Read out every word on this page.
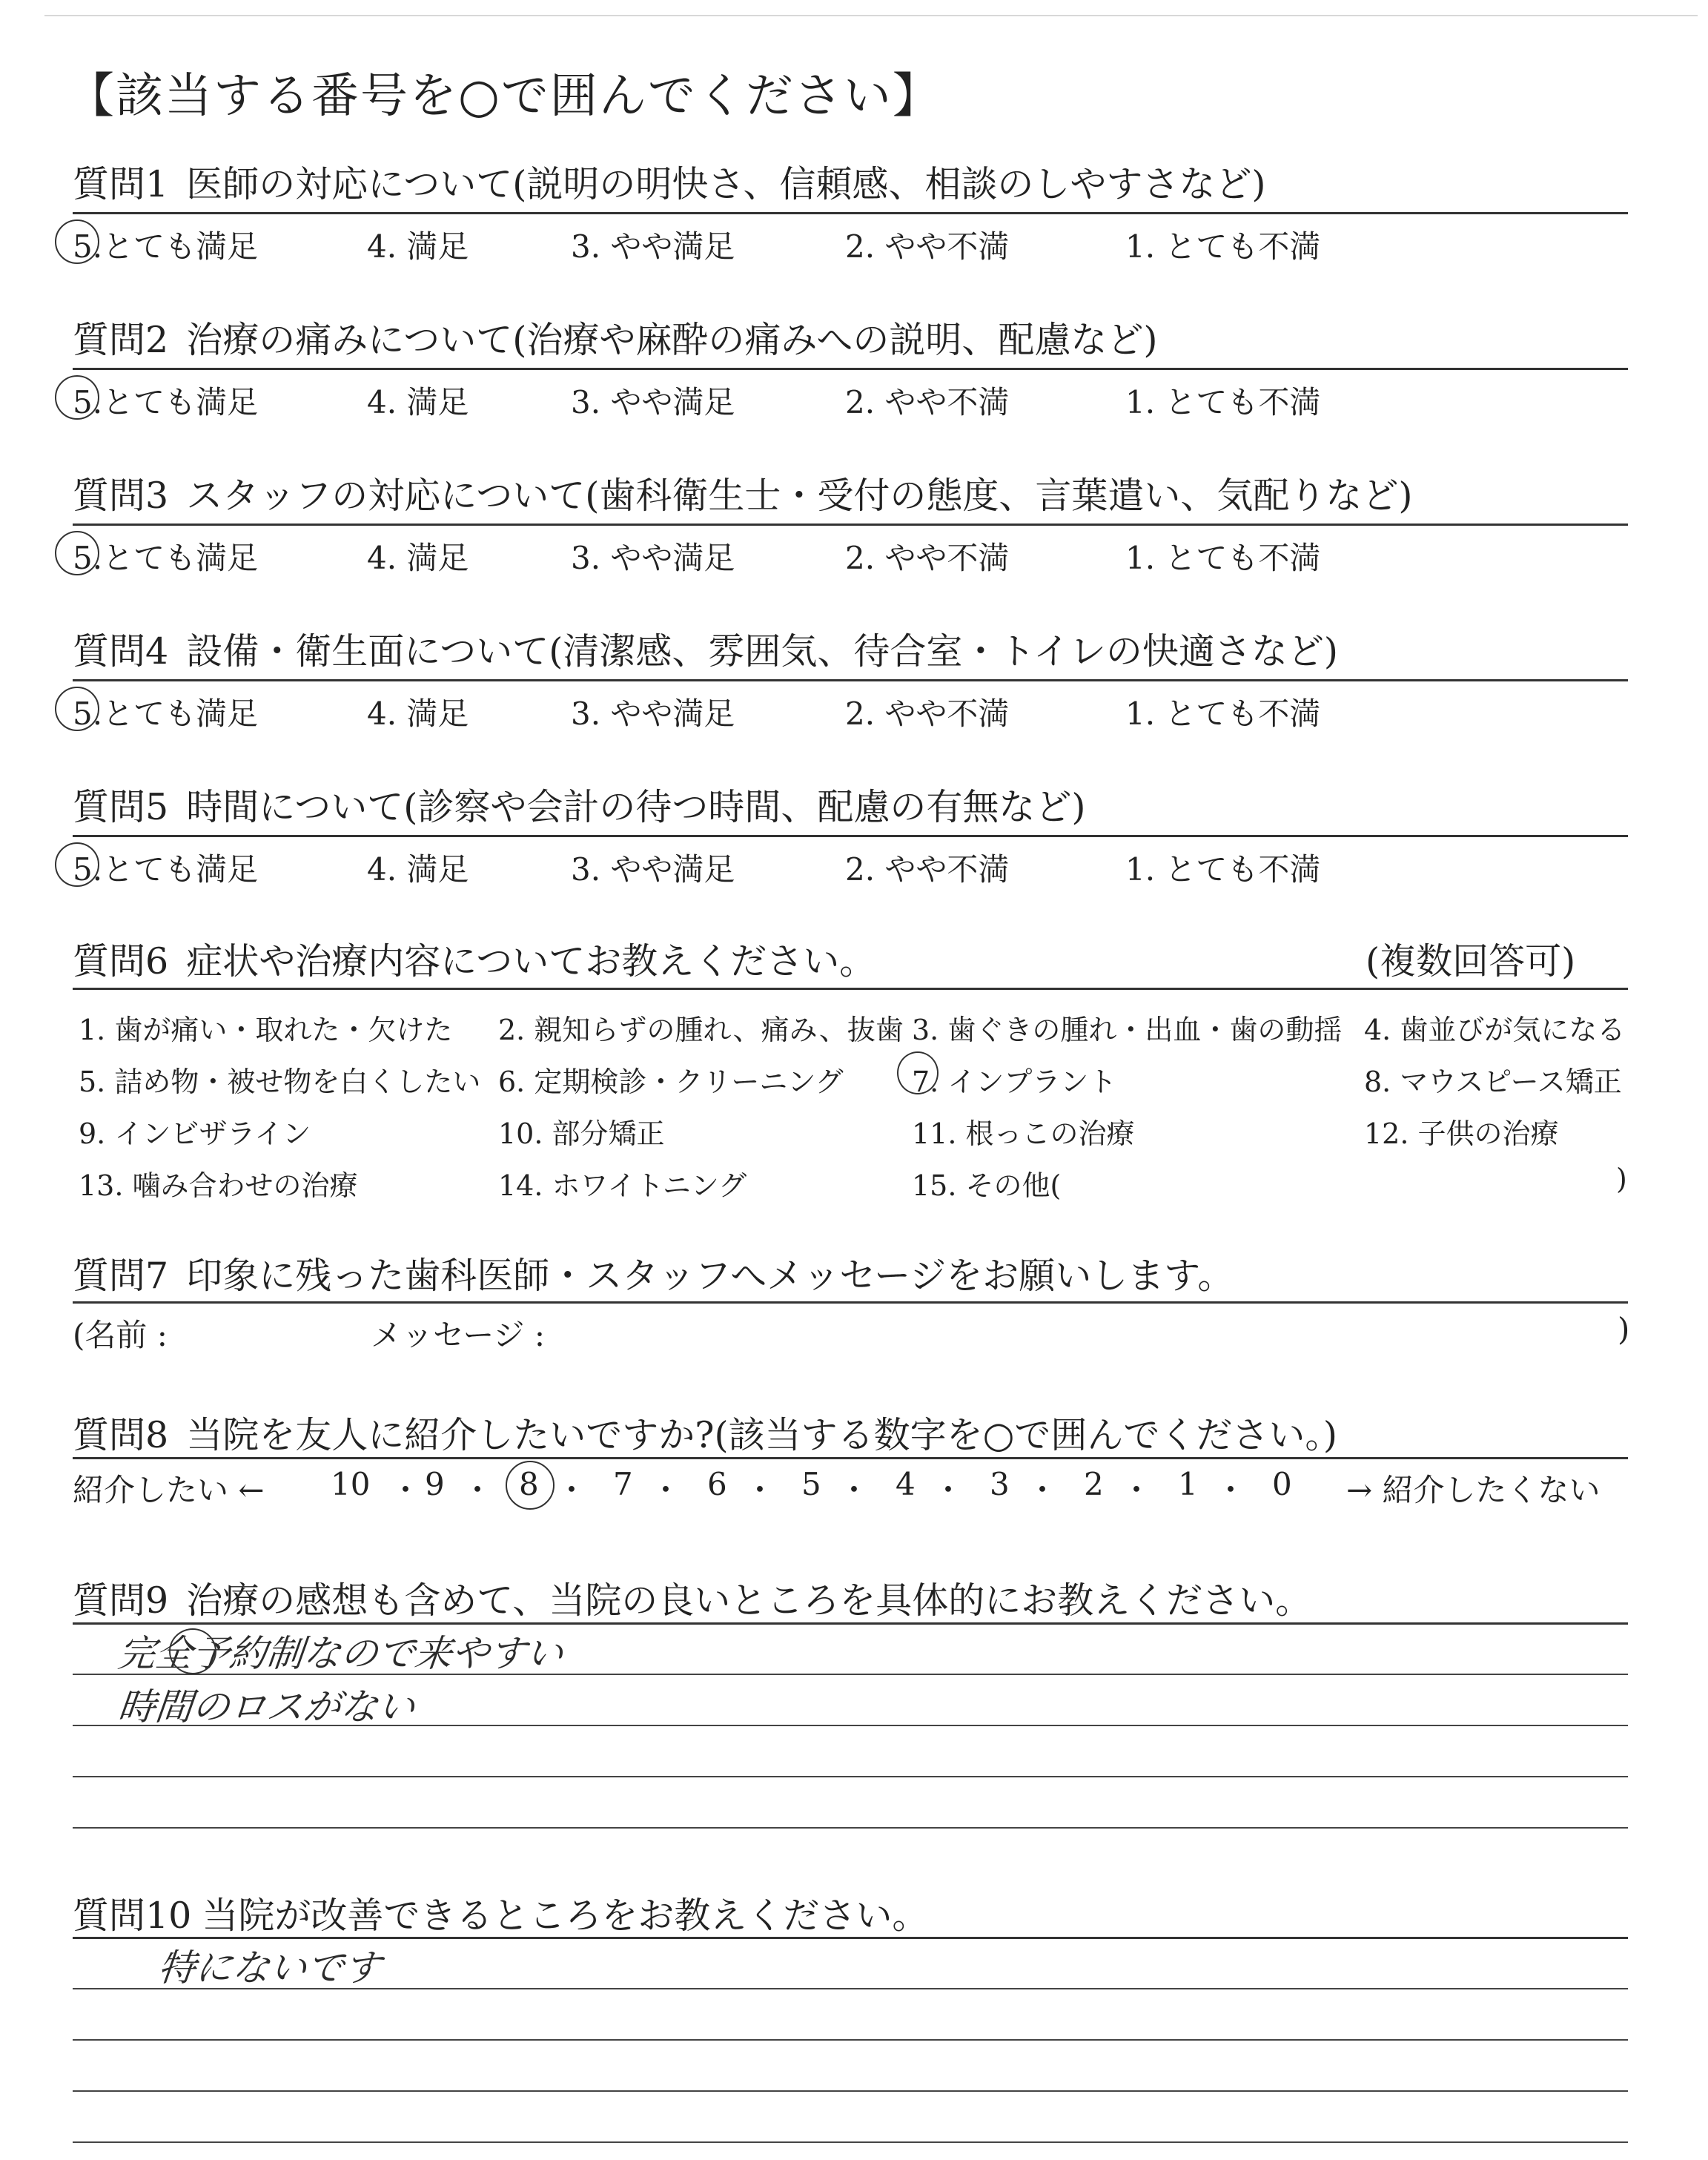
【該当する番号を○で囲んでください】
質問1 医師の対応について(説明の明快さ、信頼感、相談のしやすさなど)
5.とても満足	4. 満足	3. やや満足	2. やや不満	1. とても不満
質問2 治療の痛みについて(治療や麻酔の痛みへの説明、配慮など)
5.とても満足	4. 満足	3. やや満足	2. やや不満	1. とても不満
質問3 スタッフの対応について(歯科衛生士・受付の態度、言葉遣い、気配りなど)
5.とても満足	4. 満足	3. やや満足	2. やや不満	1. とても不満
質問4 設備・衛生面について(清潔感、雰囲気、待合室・トイレの快適さなど)
5.とても満足	4. 満足	3. やや満足	2. やや不満	1. とても不満
質問5 時間について(診察や会計の待つ時間、配慮の有無など)
5.とても満足	4. 満足	3. やや満足	2. やや不満	1. とても不満
質問6 症状や治療内容についてお教えください。	(複数回答可)
1. 歯が痛い・取れた・欠けた 2. 親知らずの腫れ、痛み、抜歯 3. 歯ぐきの腫れ・出血・歯の動揺 4. 歯並びが気になる
5. 詰め物・被せ物を白くしたい 6. 定期検診・クリーニング 7. インプラント	8. マウスピース矯正
9. インビザライン	10. 部分矯正	11. 根っこの治療	12. 子供の治療
13. 噛み合わせの治療	14. ホワイトニング	15. その他(	)
質問7 印象に残った歯科医師・スタッフへメッセージをお願いします。
(名前 :	メッセージ :	)
質問8 当院を友人に紹介したいですか?(該当する数字を○で囲んでください。)
紹介したい ←	→ 紹介したくない
10 ・ 9 ・ 8 ・ 7 ・ 6 ・ 5 ・ 4 ・ 3 ・ 2 ・ 1 ・ 0
質問9 治療の感想も含めて、当院の良いところを具体的にお教えください。
完全予約制なので来やすい
時間のロスがない
質問10 当院が改善できるところをお教えください。
特にないです
